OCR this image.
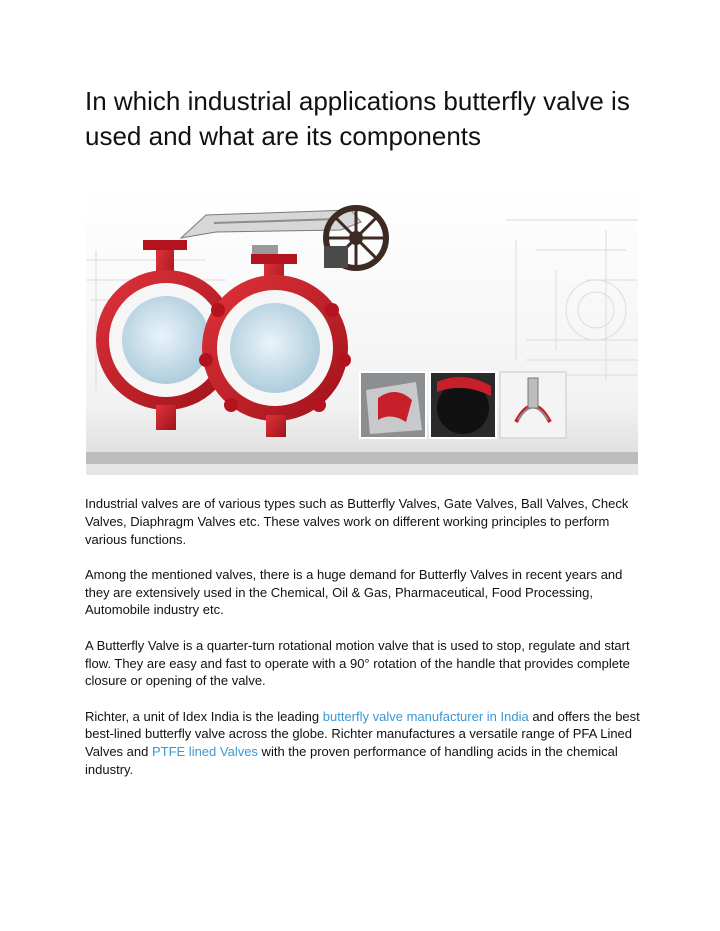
In which industrial applications butterfly valve is used and what are its components

Industrial valves are of various types such as Butterfly Valves, Gate Valves, Ball Valves, Check Valves, Diaphragm Valves etc. These valves work on different working principles to perform various functions.

Among the mentioned valves, there is a huge demand for Butterfly Valves in recent years and they are extensively used in the Chemical, Oil & Gas, Pharmaceutical, Food Processing, Automobile industry etc.

A Butterfly Valve is a quarter-turn rotational motion valve that is used to stop, regulate and start flow. They are easy and fast to operate with a 90° rotation of the handle that provides complete closure or opening of the valve.

Richter, a unit of Idex India is the leading butterfly valve manufacturer in India and offers the best best-lined butterfly valve across the globe. Richter manufactures a versatile range of PFA Lined Valves and PTFE lined Valves with the proven performance of handling acids in the chemical industry.
